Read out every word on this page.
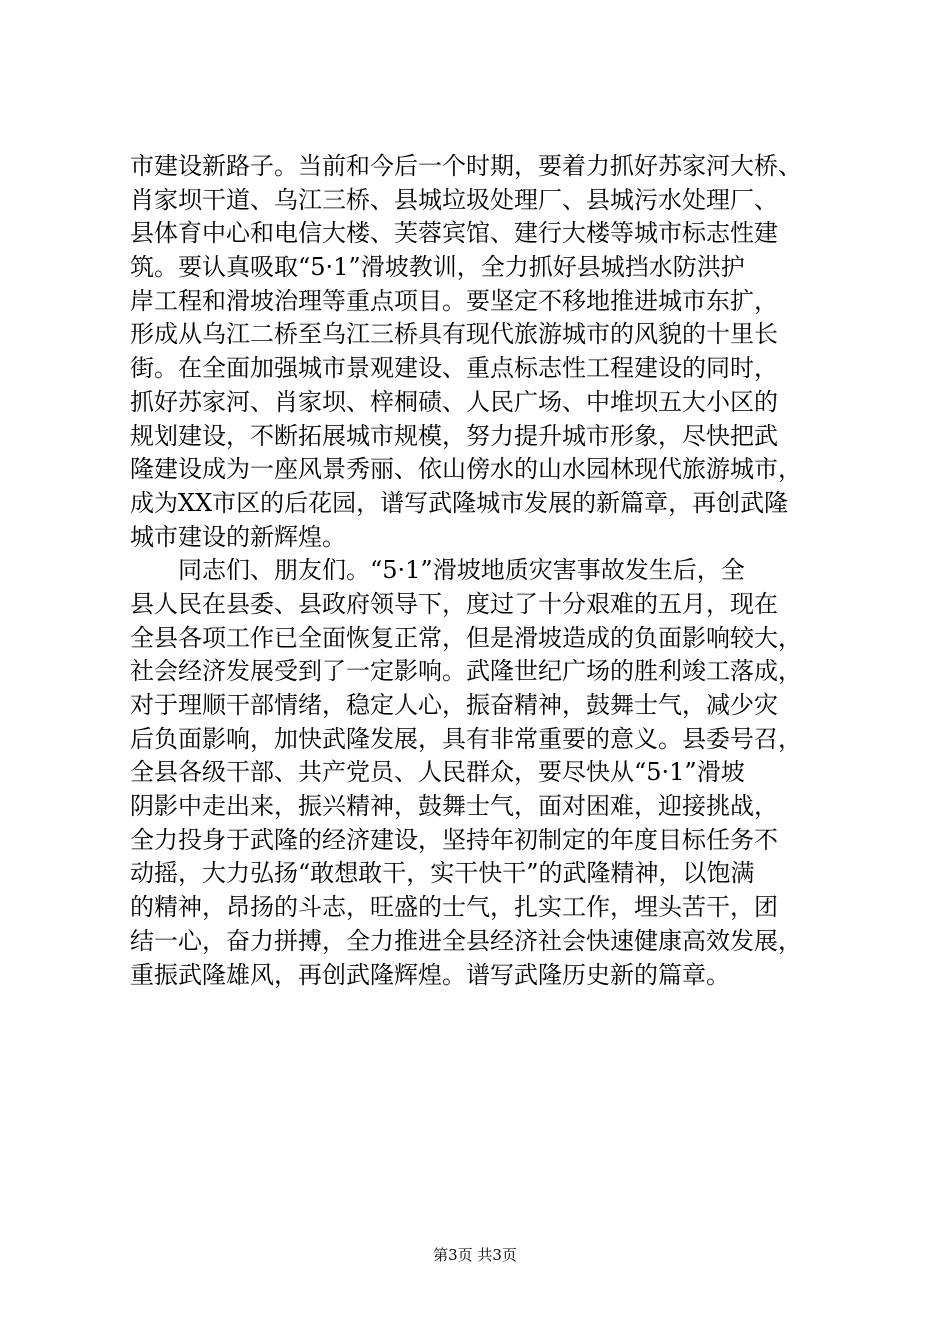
市建设新路子。当前和今后一个时期，要着力抓好苏家河大桥、
肖家坝干道、乌江三桥、县城垃圾处理厂、县城污水处理厂、
县体育中心和电信大楼、芙蓉宾馆、建行大楼等城市标志性建
筑。要认真吸取“5·1”滑坡教训，全力抓好县城挡水防洪护
岸工程和滑坡治理等重点项目。要坚定不移地推进城市东扩，
形成从乌江二桥至乌江三桥具有现代旅游城市的风貌的十里长
街。在全面加强城市景观建设、重点标志性工程建设的同时，
抓好苏家河、肖家坝、梓桐碛、人民广场、中堆坝五大小区的
规划建设，不断拓展城市规模，努力提升城市形象，尽快把武
隆建设成为一座风景秀丽、依山傍水的山水园林现代旅游城市，
成为XX市区的后花园，谱写武隆城市发展的新篇章，再创武隆
城市建设的新辉煌。
　　同志们、朋友们。“5·1”滑坡地质灾害事故发生后，全
县人民在县委、县政府领导下，度过了十分艰难的五月，现在
全县各项工作已全面恢复正常，但是滑坡造成的负面影响较大，
社会经济发展受到了一定影响。武隆世纪广场的胜利竣工落成，
对于理顺干部情绪，稳定人心，振奋精神，鼓舞士气，减少灾
后负面影响，加快武隆发展，具有非常重要的意义。县委号召，
全县各级干部、共产党员、人民群众，要尽快从“5·1”滑坡
阴影中走出来，振兴精神，鼓舞士气，面对困难，迎接挑战，
全力投身于武隆的经济建设，坚持年初制定的年度目标任务不
动摇，大力弘扬“敢想敢干，实干快干”的武隆精神，以饱满
的精神，昂扬的斗志，旺盛的士气，扎实工作，埋头苦干，团
结一心，奋力拼搏，全力推进全县经济社会快速健康高效发展，
重振武隆雄风，再创武隆辉煌。谱写武隆历史新的篇章。
第3页 共3页
